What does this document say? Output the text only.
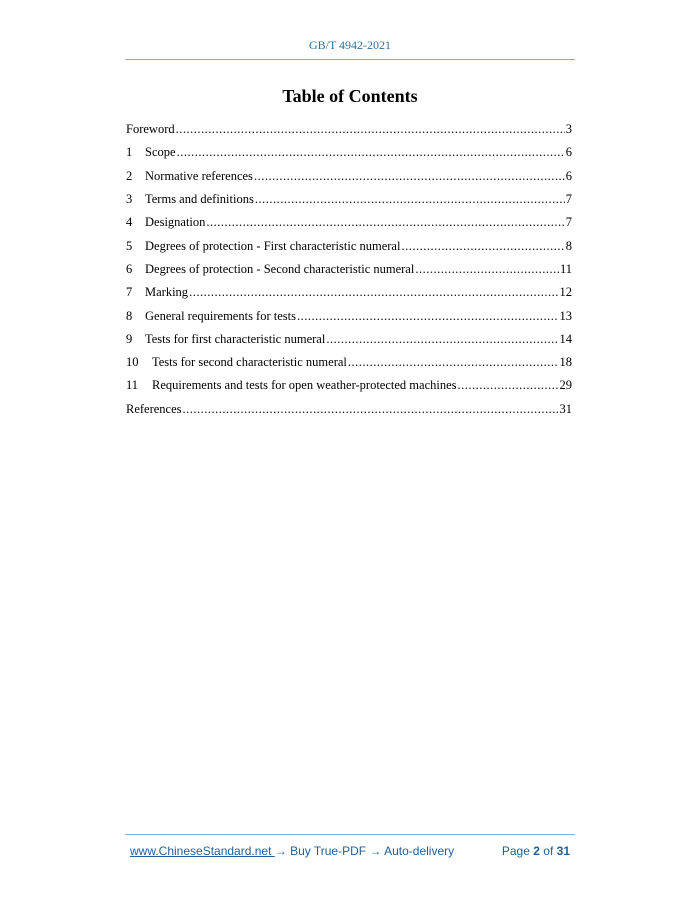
GB/T 4942-2021
Table of Contents
Foreword .....	3
1	Scope .....	6
2	Normative references .....	6
3	Terms and definitions .....	7
4	Designation .....	7
5	Degrees of protection - First characteristic numeral .....	8
6	Degrees of protection - Second characteristic numeral .....	11
7	Marking .....	12
8	General requirements for tests .....	13
9	Tests for first characteristic numeral .....	14
10	Tests for second characteristic numeral .....	18
11	Requirements and tests for open weather-protected machines .....	29
References .....	31
www.ChineseStandard.net → Buy True-PDF → Auto-delivery	Page 2 of 31
